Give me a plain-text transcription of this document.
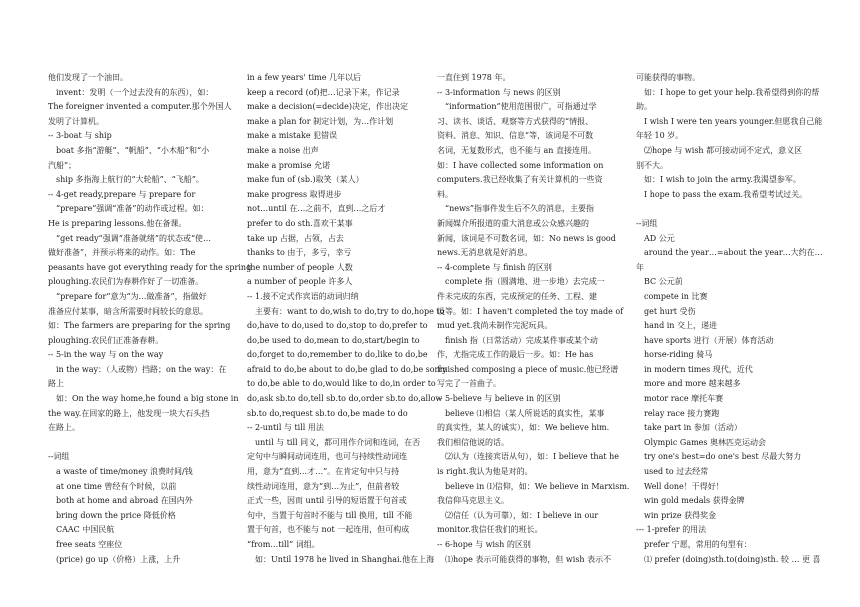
他们发现了一个油田。

invent：发明（一个过去没有的东西），如：

The foreigner invented a computer.那个外国人

发明了计算机。

-- 3-boat 与 ship

boat 多指“游艇”、“帆船”、“小木船”和“小

汽船”；

ship 多指海上航行的“大轮船”、“飞船”。

-- 4-get ready,prepare 与 prepare for

“prepare”强调“准备”的动作或过程。如：

He is preparing lessons.他在备课。

“get ready”强调“准备就绪”的状态或“使…

做好准备”，并预示将来的动作。如：The

peasants have got everything ready for the spring

ploughing.农民们为春耕作好了一切准备。

“prepare for”意为“为…做准备”，指做好

准备应付某事，暗含所需要时间较长的意思。

如：The farmers are preparing for the spring

ploughing.农民们正准备春耕。

-- 5-in the way 与 on the way

in the way：（人或物）挡路；on the way：在

路上

如：On the way home,he found a big stone in

the way.在回家的路上，他发现一块大石头挡

在路上。

--词组

a waste of time/money 浪费时间/钱

at one time 曾经有个时候，以前

both at home and abroad 在国内外

bring down the price 降低价格

CAAC 中国民航

free seats 空座位

(price) go up（价格）上涨，上升

in a few years' time 几年以后

keep a record (of)把…记录下来，作记录

make a decision(=decide)决定，作出决定

make a plan for 制定计划，为…作计划

make a mistake 犯错误

make a noise 出声

make a promise 允诺

make fun of (sb.)取笑（某人）

make progress 取得进步

not…until 在…之前不，直到…之后才

prefer to do sth.喜欢干某事

take up 占据，占领，占去

thanks to 由于，多亏，幸亏

the number of people 人数

a number of people 许多人

-- 1.接不定式作宾语的动词归纳

主要有：want to do,wish to do,try to do,hope to

do,have to do,used to do,stop to do,prefer to

do,be used to do,mean to do,start/begin to

do,forget to do,remember to do,like to do,be

afraid to do,be about to do,be glad to do,be sorry

to do,be able to do,would like to do,in order to

do,ask sb.to do,tell sb.to do,order sb.to do,allow

sb.to do,request sb.to do,be made to do

-- 2-until 与 till 用法

until 与 till 同义，都可用作介词和连词，在否

定句中与瞬间动词连用，也可与持续性动词连

用，意为“直到…才…”。在肯定句中只与持

续性动词连用，意为“到…为止”，但前者较

正式一些，因而 until 引导的短语置于句首或

句中，当置于句首时不能与 till 换用，till 不能

置于句首，也不能与 not 一起连用，但可构成

“from…till” 词组。

如：Until 1978 he lived in Shanghai.他在上海

一直住到 1978 年。

-- 3-information 与 news 的区别

“information”使用范围很广，可指通过学

习、读书、谈话、观察等方式获得的“情报、

资料、消息、知识、信息”等，该词是不可数

名词，无复数形式，也不能与 an 直接连用。

如：I have collected some information on

computers.我已经收集了有关计算机的一些资

料。

“news”指事件发生后不久的消息，主要指

新闻媒介所报道的重大消息或公众感兴趣的

新闻，该词是不可数名词，如：No news is good

news.无消息就是好消息。

-- 4-complete 与 finish 的区别

complete 指（圆满地、进一步地）去完成一

件未完成的东西，完成预定的任务、工程、建

设等。如：I haven't completed the toy made of

mud yet.我尚未制作完泥玩具。

finish 指（日常活动）完成某件事或某个动

作，尤指完成工作的最后一步。如：He has

finished composing a piece of music.他已经谱

写完了一首曲子。

-- 5-believe 与 believe in 的区别

believe ⑴相信（某人所说话的真实性，某事

的真实性，某人的诚实），如：We believe him.

我们相信他说的话。

⑵认为（连接宾语从句），如：I believe that he

is right.我认为他是对的。

believe in ⑴信仰，如：We believe in Marxism.

我信仰马克思主义。

⑵信任（认为可靠），如：I believe in our

monitor.我信任我们的班长。

-- 6-hope 与 wish 的区别

⑴hope 表示可能获得的事物，但 wish 表示不

可能获得的事物。

如：I hope to get your help.我希望得到你的帮

助。

I wish I were ten years younger.但愿我自己能

年轻 10 岁。

⑵hope 与 wish 都可接动词不定式，意义区

别不大。

如：I wish to join the army.我渴望参军。

I hope to pass the exam.我希望考试过关。

--词组

AD 公元

around the year…=about the year…大约在…

年

BC 公元前

compete in 比赛

get hurt 受伤

hand in 交上，递进

have sports 进行（开展）体育活动

horse-riding 骑马

in modern times 现代，近代

more and more 越来越多

motor race 摩托车赛

relay race 接力赛跑

take part in 参加（活动）

Olympic Games 奥林匹克运动会

try one's best=do one's best 尽最大努力

used to 过去经常

Well done！干得好！

win gold medals 获得金牌

win prize 获得奖金

--- 1-prefer 的用法

prefer 宁愿，常用的句型有：

⑴ prefer (doing)sth.to(doing)sth. 较 … 更 喜
